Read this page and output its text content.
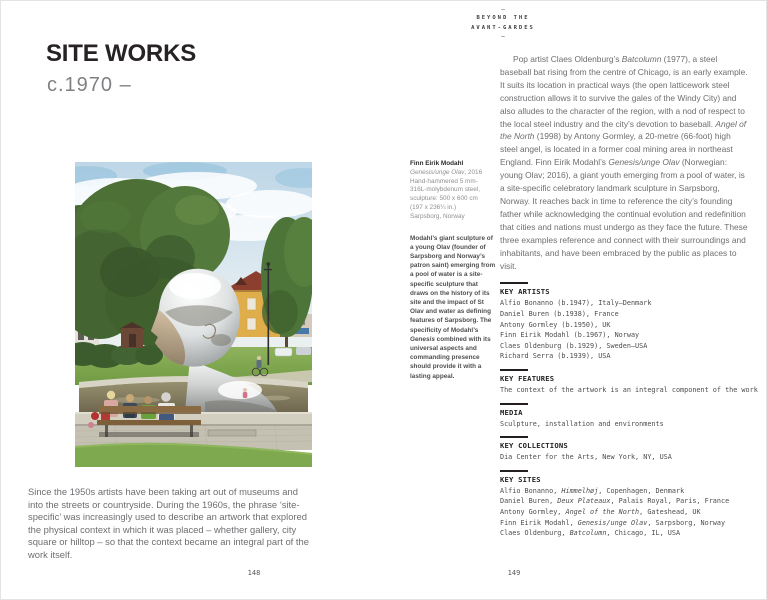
–
BEYOND THE
AVANT-GARDES
–
SITE WORKS
c.1970 –

Finn Eirik Modahl

Genesis/unge Olav, 2016

Hand-hammered 5 mm-

316L-molybdenum steel,

sculpture: 500 x 600 cm

(197 x 236¼ in.)

Sarpsborg, Norway

Modahl’s giant sculpture of a young Olav (founder of Sarpsborg and Norway’s patron saint) emerging from a pool of water is a site-specific sculpture that draws on the history of its site and the impact of St Olav and water as defining features of Sarpsborg. The specificity of Modahl’s Genesis combined with its universal aspects and commanding presence should provide it with a lasting appeal.

Since the 1950s artists have been taking art out of museums and into the streets or countryside. During the 1960s, the phrase ‘site-specific’ was increasingly used to describe an artwork that explored the physical context in which it was placed – whether gallery, city square or hilltop – so that the context became an integral part of the work itself.

Pop artist Claes Oldenburg’s Batcolumn (1977), a steel baseball bat rising from the centre of Chicago, is an early example. It suits its location in practical ways (the open latticework steel construction allows it to survive the gales of the Windy City) and also alludes to the character of the region, with a nod of respect to the local steel industry and the city’s devotion to baseball. Angel of the North (1998) by Antony Gormley, a 20-metre (66-foot) high steel angel, is located in a former coal mining area in northeast England. Finn Eirik Modahl’s Genesis/unge Olav (Norwegian: young Olav; 2016), a giant youth emerging from a pool of water, is a site-specific celebratory landmark sculpture in Sarpsborg, Norway. It reaches back in time to reference the city’s founding father while acknowledging the continual evolution and redefinition that cities and nations must undergo as they face the future. These three examples reference and connect with their surroundings and inhabitants, and have been embraced by the public as places to visit.

KEY ARTISTS

Alfio Bonanno (b.1947), Italy–Denmark

Daniel Buren (b.1938), France

Antony Gormley (b.1950), UK

Finn Eirik Modahl (b.1967), Norway

Claes Oldenburg (b.1929), Sweden–USA

Richard Serra (b.1939), USA

KEY FEATURES

The context of the artwork is an integral component of the work

MEDIA

Sculpture, installation and environments

KEY COLLECTIONS

Dia Center for the Arts, New York, NY, USA

KEY SITES

Alfio Bonanno, Himmelhøj, Copenhagen, Denmark

Daniel Buren, Deux Plateaux, Palais Royal, Paris, France

Antony Gormley, Angel of the North, Gateshead, UK

Finn Eirik Modahl, Genesis/unge Olav, Sarpsborg, Norway

Claes Oldenburg, Batcolumn, Chicago, IL, USA

148	149
